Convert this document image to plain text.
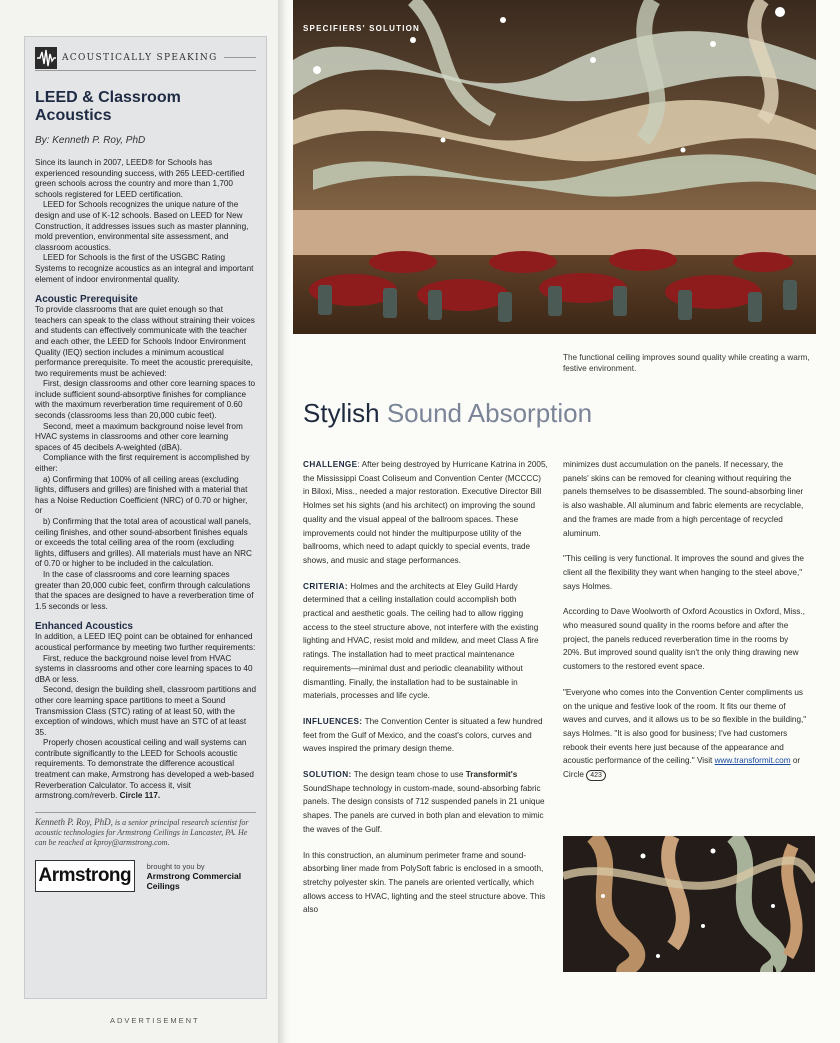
ACOUSTICALLY SPEAKING
LEED & Classroom Acoustics
By: Kenneth P. Roy, PhD

Since its launch in 2007, LEED® for Schools has experienced resounding success, with 265 LEED-certified green schools across the country and more than 1,700 schools registered for LEED certification.

LEED for Schools recognizes the unique nature of the design and use of K-12 schools. Based on LEED for New Construction, it addresses issues such as master planning, mold prevention, environmental site assessment, and classroom acoustics.

LEED for Schools is the first of the USGBC Rating Systems to recognize acoustics as an integral and important element of indoor environmental quality.

Acoustic Prerequisite

To provide classrooms that are quiet enough so that teachers can speak to the class without straining their voices and students can effectively communicate with the teacher and each other, the LEED for Schools Indoor Environment Quality (IEQ) section includes a minimum acoustical performance prerequisite. To meet the acoustic prerequisite, two requirements must be achieved:

First, design classrooms and other core learning spaces to include sufficient sound-absorptive finishes for compliance with the maximum reverberation time requirement of 0.60 seconds (classrooms less than 20,000 cubic feet).

Second, meet a maximum background noise level from HVAC systems in classrooms and other core learning spaces of 45 decibels A-weighted (dBA).

Compliance with the first requirement is accomplished by either:

a) Confirming that 100% of all ceiling areas (excluding lights, diffusers and grilles) are finished with a material that has a Noise Reduction Coefficient (NRC) of 0.70 or higher, or

b) Confirming that the total area of acoustical wall panels, ceiling finishes, and other sound-absorbent finishes equals or exceeds the total ceiling area of the room (excluding lights, diffusers and grilles). All materials must have an NRC of 0.70 or higher to be included in the calculation.

In the case of classrooms and core learning spaces greater than 20,000 cubic feet, confirm through calculations that the spaces are designed to have a reverberation time of 1.5 seconds or less.

Enhanced Acoustics

In addition, a LEED IEQ point can be obtained for enhanced acoustical performance by meeting two further requirements:

First, reduce the background noise level from HVAC systems in classrooms and other core learning spaces to 40 dBA or less.

Second, design the building shell, classroom partitions and other core learning space partitions to meet a Sound Transmission Class (STC) rating of at least 50, with the exception of windows, which must have an STC of at least 35.

Properly chosen acoustical ceiling and wall systems can contribute significantly to the LEED for Schools acoustic requirements. To demonstrate the difference acoustical treatment can make, Armstrong has developed a web-based Reverberation Calculator. To access it, visit armstrong.com/reverb. Circle 117.

Kenneth P. Roy, PhD, is a senior principal research scientist for acoustic technologies for Armstrong Ceilings in Lancaster, PA. He can be reached at kproy@armstrong.com.
Armstrong	brought to you by
Armstrong Commercial Ceilings
ADVERTISEMENT
SPECIFIERS' SOLUTION
The functional ceiling improves sound quality while creating a warm, festive environment.
Stylish Sound Absorption

CHALLENGE: After being destroyed by Hurricane Katrina in 2005, the Mississippi Coast Coliseum and Convention Center (MCCCC) in Biloxi, Miss., needed a major restoration. Executive Director Bill Holmes set his sights (and his architect) on improving the sound quality and the visual appeal of the ballroom spaces. These improvements could not hinder the multipurpose utility of the ballrooms, which need to adapt quickly to special events, trade shows, and music and stage performances.

CRITERIA: Holmes and the architects at Eley Guild Hardy determined that a ceiling installation could accomplish both practical and aesthetic goals. The ceiling had to allow rigging access to the steel structure above, not interfere with the existing lighting and HVAC, resist mold and mildew, and meet Class A fire ratings. The installation had to meet practical maintenance requirements—minimal dust and periodic cleanability without dismantling. Finally, the installation had to be sustainable in materials, processes and life cycle.

INFLUENCES: The Convention Center is situated a few hundred feet from the Gulf of Mexico, and the coast's colors, curves and waves inspired the primary design theme.

SOLUTION: The design team chose to use Transformit's SoundShape technology in custom-made, sound-absorbing fabric panels. The design consists of 712 suspended panels in 21 unique shapes. The panels are curved in both plan and elevation to mimic the waves of the Gulf.

In this construction, an aluminum perimeter frame and sound-absorbing liner made from PolySoft fabric is enclosed in a smooth, stretchy polyester skin. The panels are oriented vertically, which allows access to HVAC, lighting and the steel structure above. This also

minimizes dust accumulation on the panels. If necessary, the panels' skins can be removed for cleaning without requiring the panels themselves to be disassembled. The sound-absorbing liner is also washable. All aluminum and fabric elements are recyclable, and the frames are made from a high percentage of recycled aluminum.

"This ceiling is very functional. It improves the sound and gives the client all the flexibility they want when hanging to the steel above," says Holmes.

According to Dave Woolworth of Oxford Acoustics in Oxford, Miss., who measured sound quality in the rooms before and after the project, the panels reduced reverberation time in the rooms by 20%. But improved sound quality isn't the only thing drawing new customers to the restored event space.

"Everyone who comes into the Convention Center compliments us on the unique and festive look of the room. It fits our theme of waves and curves, and it allows us to be so flexible in the building," says Holmes. "It is also good for business; I've had customers rebook their events here just because of the appearance and acoustic performance of the ceiling." Visit www.transformit.com or Circle 423
